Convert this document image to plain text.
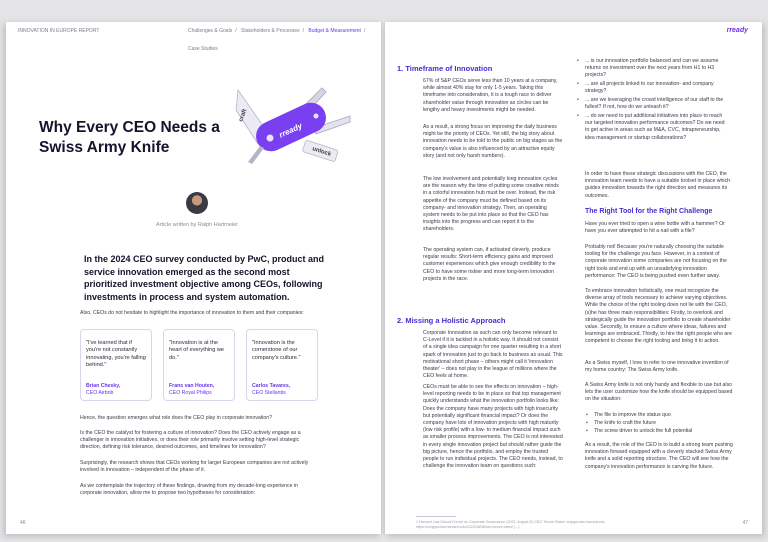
INNOVATION IN EUROPE REPORT	Challenges & Goals / Stakeholders & Processes / Budget & Measurement / Case Studies
Why Every CEO Needs a Swiss Army Knife
craft
unlock
rready
Article written by Ralph Hartmeier
In the 2024 CEO survey conducted by PwC, product and service innovation emerged as the second most prioritized investment objective among CEOs, following investments in process and system automation.
Also, CEOs do not hesitate to highlight the importance of innovation to them and their companies:
"I've learned that if you're not constantly innovating, you're falling behind."
Brian Chesky,
CEO Airbnb
"Innovation is at the heart of everything we do."
Frans van Houten,
CEO Royal Philips
"Innovation is the cornerstone of our company's culture."
Carlos Tavares,
CEO Stellantis
Hence, the question emerges what role does the CEO play in corporate innovation?
Is the CEO the catalyst for fostering a culture of innovation? Does the CEO actively engage as a challenger in innovation initiatives, or does their role primarily involve setting high-level strategic direction, defining risk tolerance, desired outcomes, and timelines for innovation?
Surprisingly, the research shows that CEOs working for larger European companies are not actively involved in innovation – independent of the phase of it.
As we contemplate the trajectory of these findings, drawing from my decade-long experience in corporate innovation, allow me to propose two hypotheses for consideration:
46
rready
1. Timeframe of Innovation
67% of S&P CEOs serve less than 10 years at a company, while almost 40% stay for only 1-5 years. Taking this timeframe into consideration, it is a tough race to deliver shareholder value through innovation as circles can be lengthy and heavy investments might be needed.
As a result, a strong focus on improving the daily business might be the priority of CEOs. Yet still, the big story about innovation needs to be told to the public on big stages as the company's value is also influenced by an attractive equity story (and not only harsh numbers).
The low involvement and potentially long innovation cycles are the reason why the time of putting some creative minds in a colorful innovation hub must be over. Instead, the risk appetite of the company must be defined based on its company- and innovation strategy. Then, an operating system needs to be put into place so that the CEO has insights into the progress and can report it to the shareholders.
The operating system can, if activated cleverly, produce regular results: Short-term efficiency gains and improved customer experiences which give enough credibility to the CEO to have some riskier and more long-term innovation projects in the race.
2. Missing a Holistic Approach
Corporate Innovation as such can only become relevant to C-Level if it is tackled in a holistic way. It should not consist of a single idea campaign for one quarter resulting in a short spark of innovation just to go back to business as usual. This motivational short phase – others might call it 'innovation theater' – does not play in the league of millions where the CEO feels at home.
CEOs must be able to see the effects on innovation – high-level reporting needs to be in place so that top management quickly understands what the innovation portfolio looks like: Does the company have many projects with high insecurity but potentially significant financial impact? Or does the company have lots of innovation projects with high maturity (low risk profile) with a low- to medium financial impact such as smaller process improvements. The CEO is not interested in every single innovation project but should rather guide the big picture, hence the portfolio, and employ the trusted people to run individual projects. The CEO needs, instead, to challenge the innovation team on questions such:
1 Harvard Law School Forum on Corporate Governance (2022, August 8) 'CEO Tenure Rates' corpgov.law.harvard.edu https://corpgov.law.harvard.edu/2022/08/08/ceo-tenure-rates/ (...)
• ... is our innovation portfolio balanced and can we assume returns on investment over the next years from H1 to H3 projects?
• ... are all projects linked to our innovation- and company strategy?
• ... are we leveraging the crowd intelligence of our staff to the fullest? If not, how do we unleash it?
• ... do we need to put additional initiatives into place to reach our targeted innovation performance outcomes? Do we need to get active in areas such as M&A, CVC, intrapreneurship, idea management or startup collaborations?
In order to have these strategic discussions with the CEO, the innovation team needs to have a suitable toolset in place which guides innovation towards the right direction and measures its outcomes.
The Right Tool for the Right Challenge
Have you ever tried to open a wine bottle with a hammer? Or have you ever attempted to hit a nail with a file?
Probably not! Because you're naturally choosing the suitable tooling for the challenge you face. However, in a context of corporate innovation some companies are not focusing on the right tools and end up with an unsatisfying innovation performance: The CEO is being pushed even further away.
To embrace innovation holistically, one must recognize the diverse array of tools necessary to achieve varying objectives. While the choice of the right tooling does not lie with the CEO, (s)he has three main responsibilities: Firstly, to overlook and strategically guide the innovation portfolio to create shareholder value. Secondly, to ensure a culture where ideas, failures and learnings are embraced. Thirdly, to hire the right people who are competent to choose the right tooling and bring it to action.
As a Swiss myself, I love to refer to one innovative invention of my home country: The Swiss Army knife.
A Swiss Army knife is not only handy and flexible to use but also lets the user customize how the knife should be equipped based on the situation:
• The file to improve the status quo
• The knife to craft the future
• The screw driver to unlock the full potential
As a result, the role of the CEO is to build a strong team pushing innovation forward equipped with a cleverly stacked Swiss Army knife and a solid reporting structure. The CEO will see how the company's innovation performance is carving the future.
47
